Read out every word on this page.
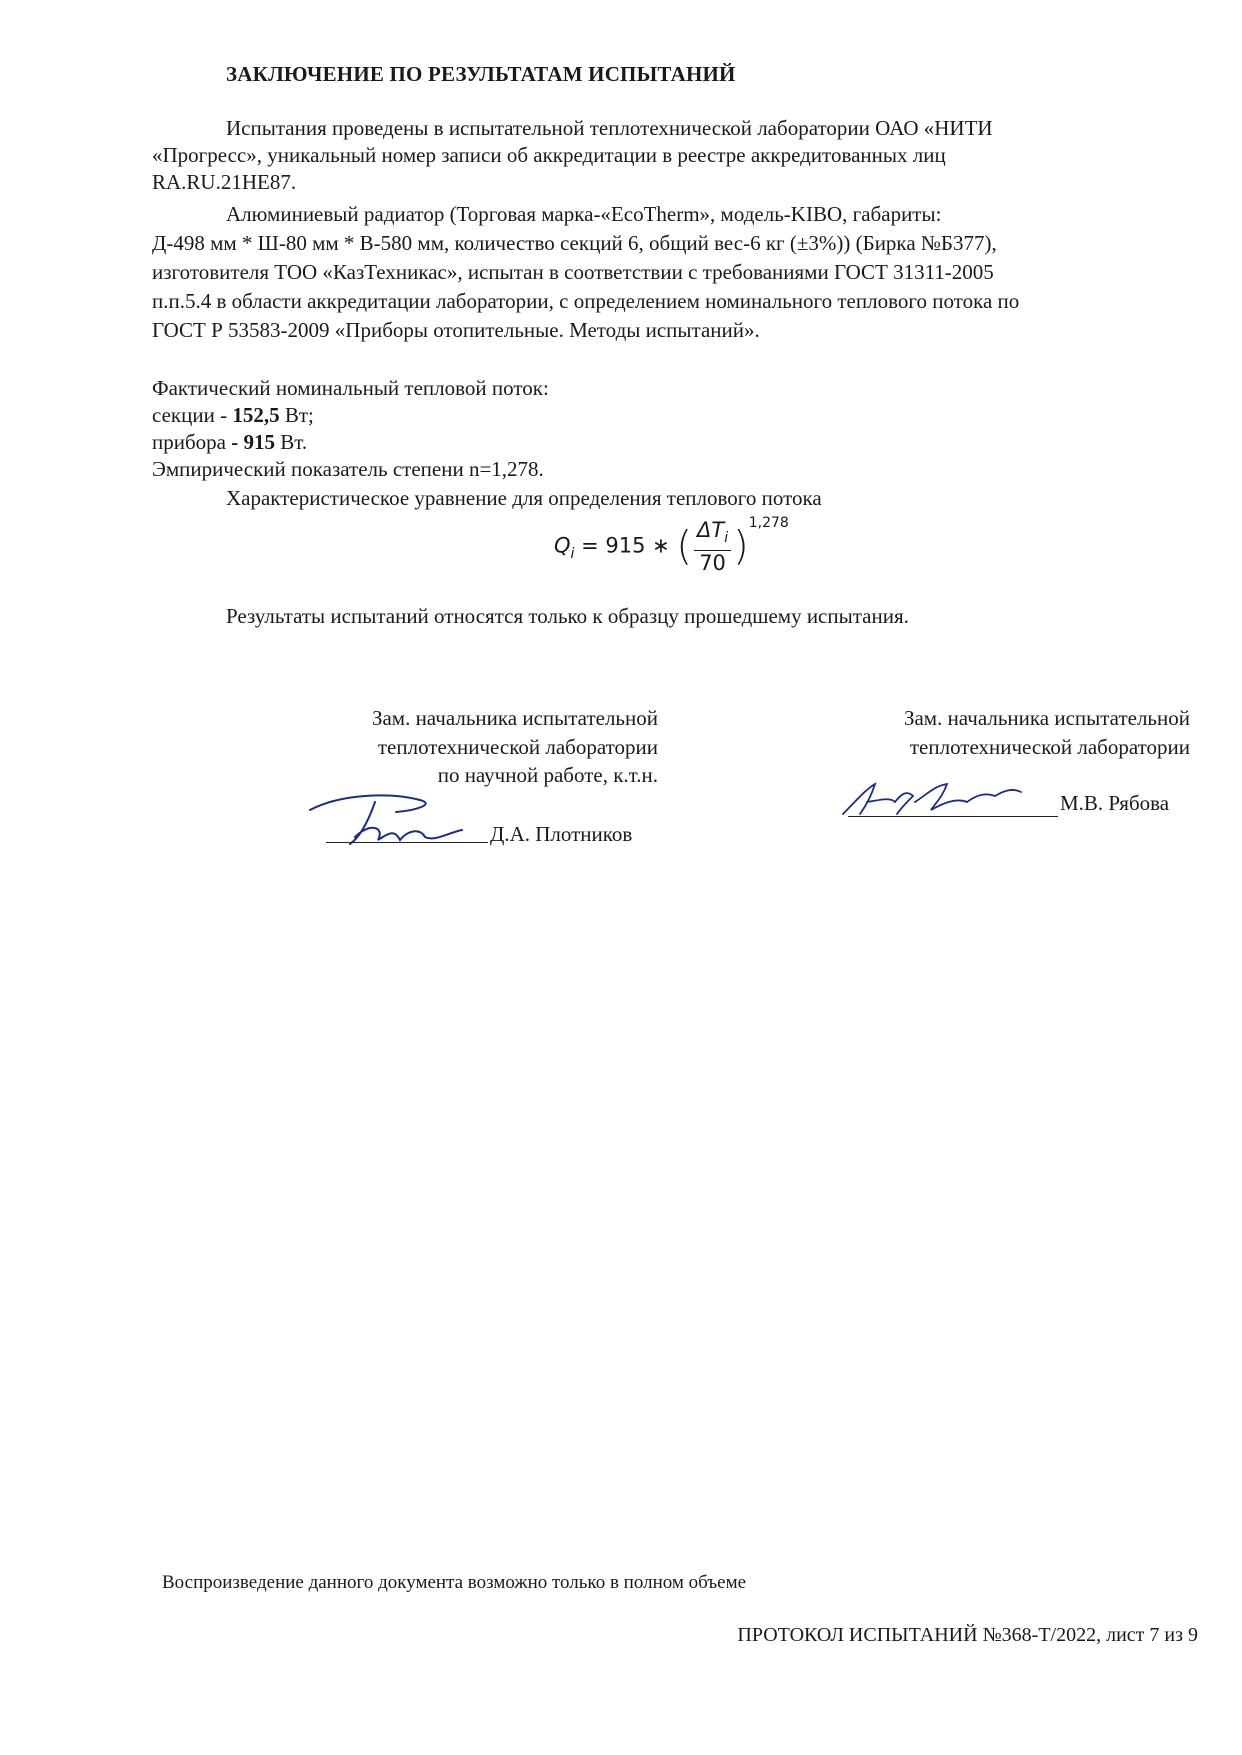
ЗАКЛЮЧЕНИЕ ПО РЕЗУЛЬТАТАМ ИСПЫТАНИЙ
Испытания проведены в испытательной теплотехнической лаборатории ОАО «НИТИ
«Прогресс», уникальный номер записи об аккредитации в реестре аккредитованных лиц
RA.RU.21НЕ87.
Алюминиевый радиатор (Торговая марка-«EcoTherm», модель-KIBO, габариты:
Д-498 мм * Ш-80 мм * В-580 мм, количество секций 6, общий вес-6 кг (±3%)) (Бирка №Б377),
изготовителя ТОО «КазТехникас», испытан в соответствии с требованиями ГОСТ 31311-2005
п.п.5.4 в области аккредитации лаборатории, с определением номинального теплового потока по
ГОСТ Р 53583-2009 «Приборы отопительные. Методы испытаний».
Фактический номинальный тепловой поток:
секции - 152,5 Вт;
прибора - 915 Вт.
Эмпирический показатель степени n=1,278.
Характеристическое уравнение для определения теплового потока
$Q_i = 915$ ∗ ( $\frac{\Delta T_i}{70} )^{1,278}$
Результаты испытаний относятся только к образцу прошедшему испытания.
Зам. начальника испытательной
теплотехнической лаборатории
по научной работе, к.т.н.
Д.А. Плотников
Зам. начальника испытательной
теплотехнической лаборатории
М.В. Рябова
Воспроизведение данного документа возможно только в полном объеме
ПРОТОКОЛ ИСПЫТАНИЙ №368-Т/2022, лист 7 из 9
